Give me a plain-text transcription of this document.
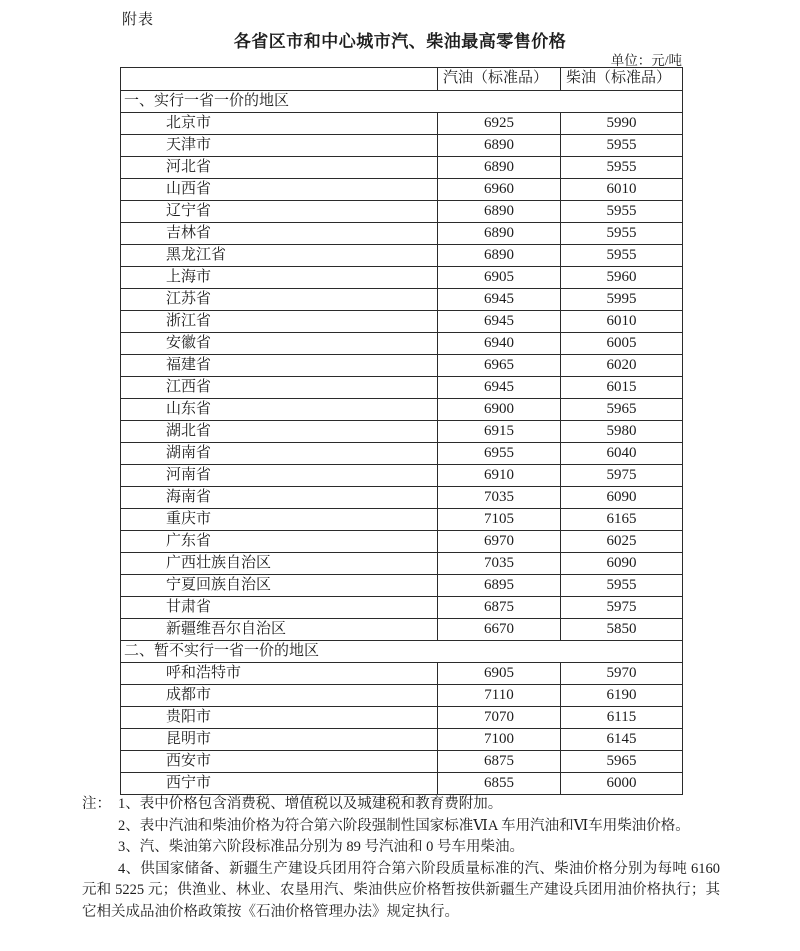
附表
各省区市和中心城市汽、柴油最高零售价格
单位：元/吨
	汽油（标准品）	柴油（标准品）
一、实行一省一价的地区		
北京市	6925	5990
天津市	6890	5955
河北省	6890	5955
山西省	6960	6010
辽宁省	6890	5955
吉林省	6890	5955
黑龙江省	6890	5955
上海市	6905	5960
江苏省	6945	5995
浙江省	6945	6010
安徽省	6940	6005
福建省	6965	6020
江西省	6945	6015
山东省	6900	5965
湖北省	6915	5980
湖南省	6955	6040
河南省	6910	5975
海南省	7035	6090
重庆市	7105	6165
广东省	6970	6025
广西壮族自治区	7035	6090
宁夏回族自治区	6895	5955
甘肃省	6875	5975
新疆维吾尔自治区	6670	5850
二、暂不实行一省一价的地区		
呼和浩特市	6905	5970
成都市	7110	6190
贵阳市	7070	6115
昆明市	7100	6145
西安市	6875	5965
西宁市	6855	6000

注： 1、表中价格包含消费税、增值税以及城建税和教育费附加。

2、表中汽油和柴油价格为符合第六阶段强制性国家标准ⅥA 车用汽油和Ⅵ车用柴油价格。

3、汽、柴油第六阶段标准品分别为 89 号汽油和 0 号车用柴油。

4、供国家储备、新疆生产建设兵团用符合第六阶段质量标准的汽、柴油价格分别为每吨 6160 元和 5225 元；供渔业、林业、农垦用汽、柴油供应价格暂按供新疆生产建设兵团用油价格执行；其它相关成品油价格政策按《石油价格管理办法》规定执行。
